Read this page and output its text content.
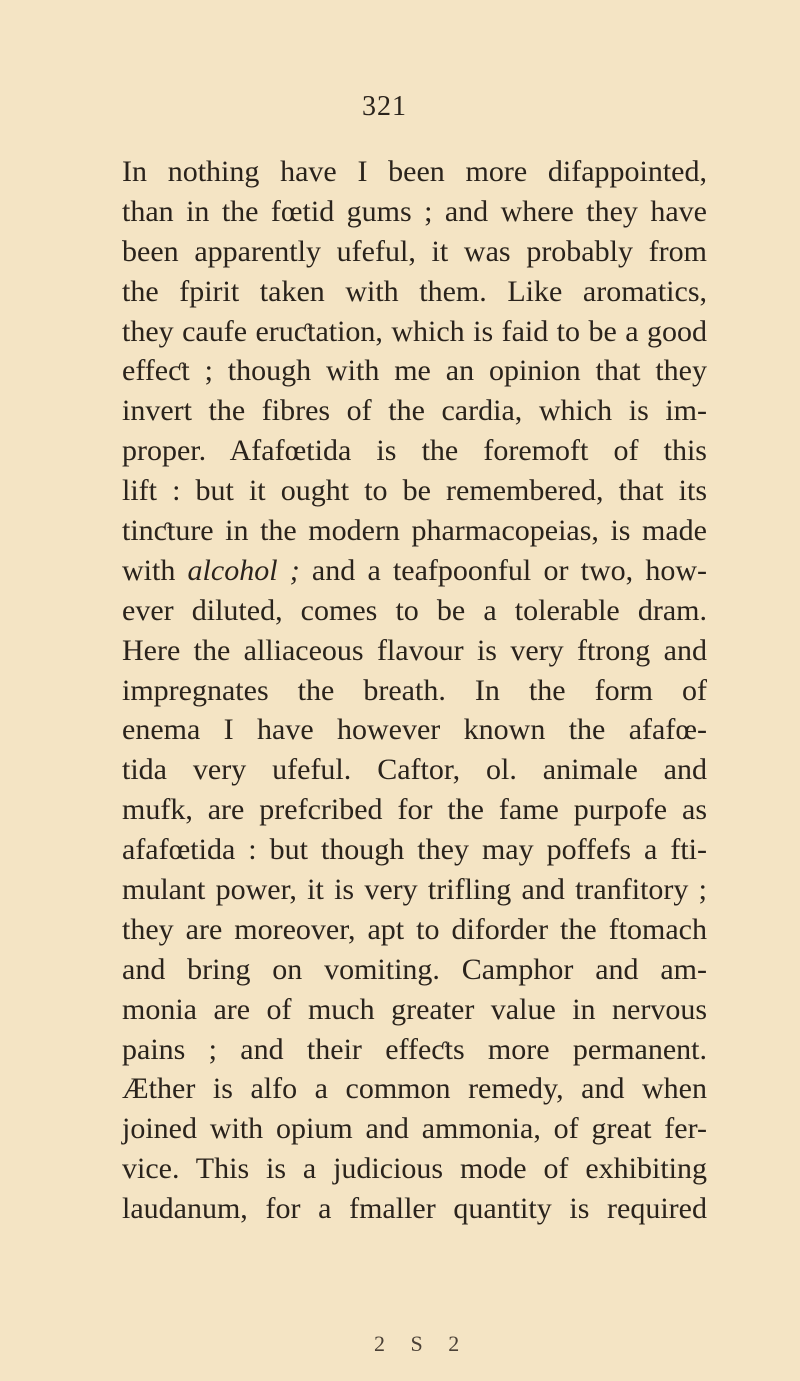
321
In nothing have I been more difappointed,
than in the fœtid gums ; and where they have
been apparently ufeful, it was probably from
the fpirit taken with them. Like aromatics,
they caufe eruƈtation, which is faid to be a good
effeƈt ; though with me an opinion that they
invert the fibres of the cardia, which is im-
proper. Afafœtida is the foremoft of this
lift : but it ought to be remembered, that its
tinƈture in the modern pharmacopeias, is made
with alcohol ; and a teafpoonful or two, how-
ever diluted, comes to be a tolerable dram.
Here the alliaceous flavour is very ftrong and
impregnates the breath. In the form of
enema I have however known the afafœ-
tida very ufeful. Caftor, ol. animale and
mufk, are prefcribed for the fame purpofe as
afafœtida : but though they may poffefs a fti-
mulant power, it is very trifling and tranfitory ;
they are moreover, apt to diforder the ftomach
and bring on vomiting. Camphor and am-
monia are of much greater value in nervous
pains ; and their effeƈts more permanent.
Æther is alfo a common remedy, and when
joined with opium and ammonia, of great fer-
vice. This is a judicious mode of exhibiting
laudanum, for a fmaller quantity is required
2 S 2
